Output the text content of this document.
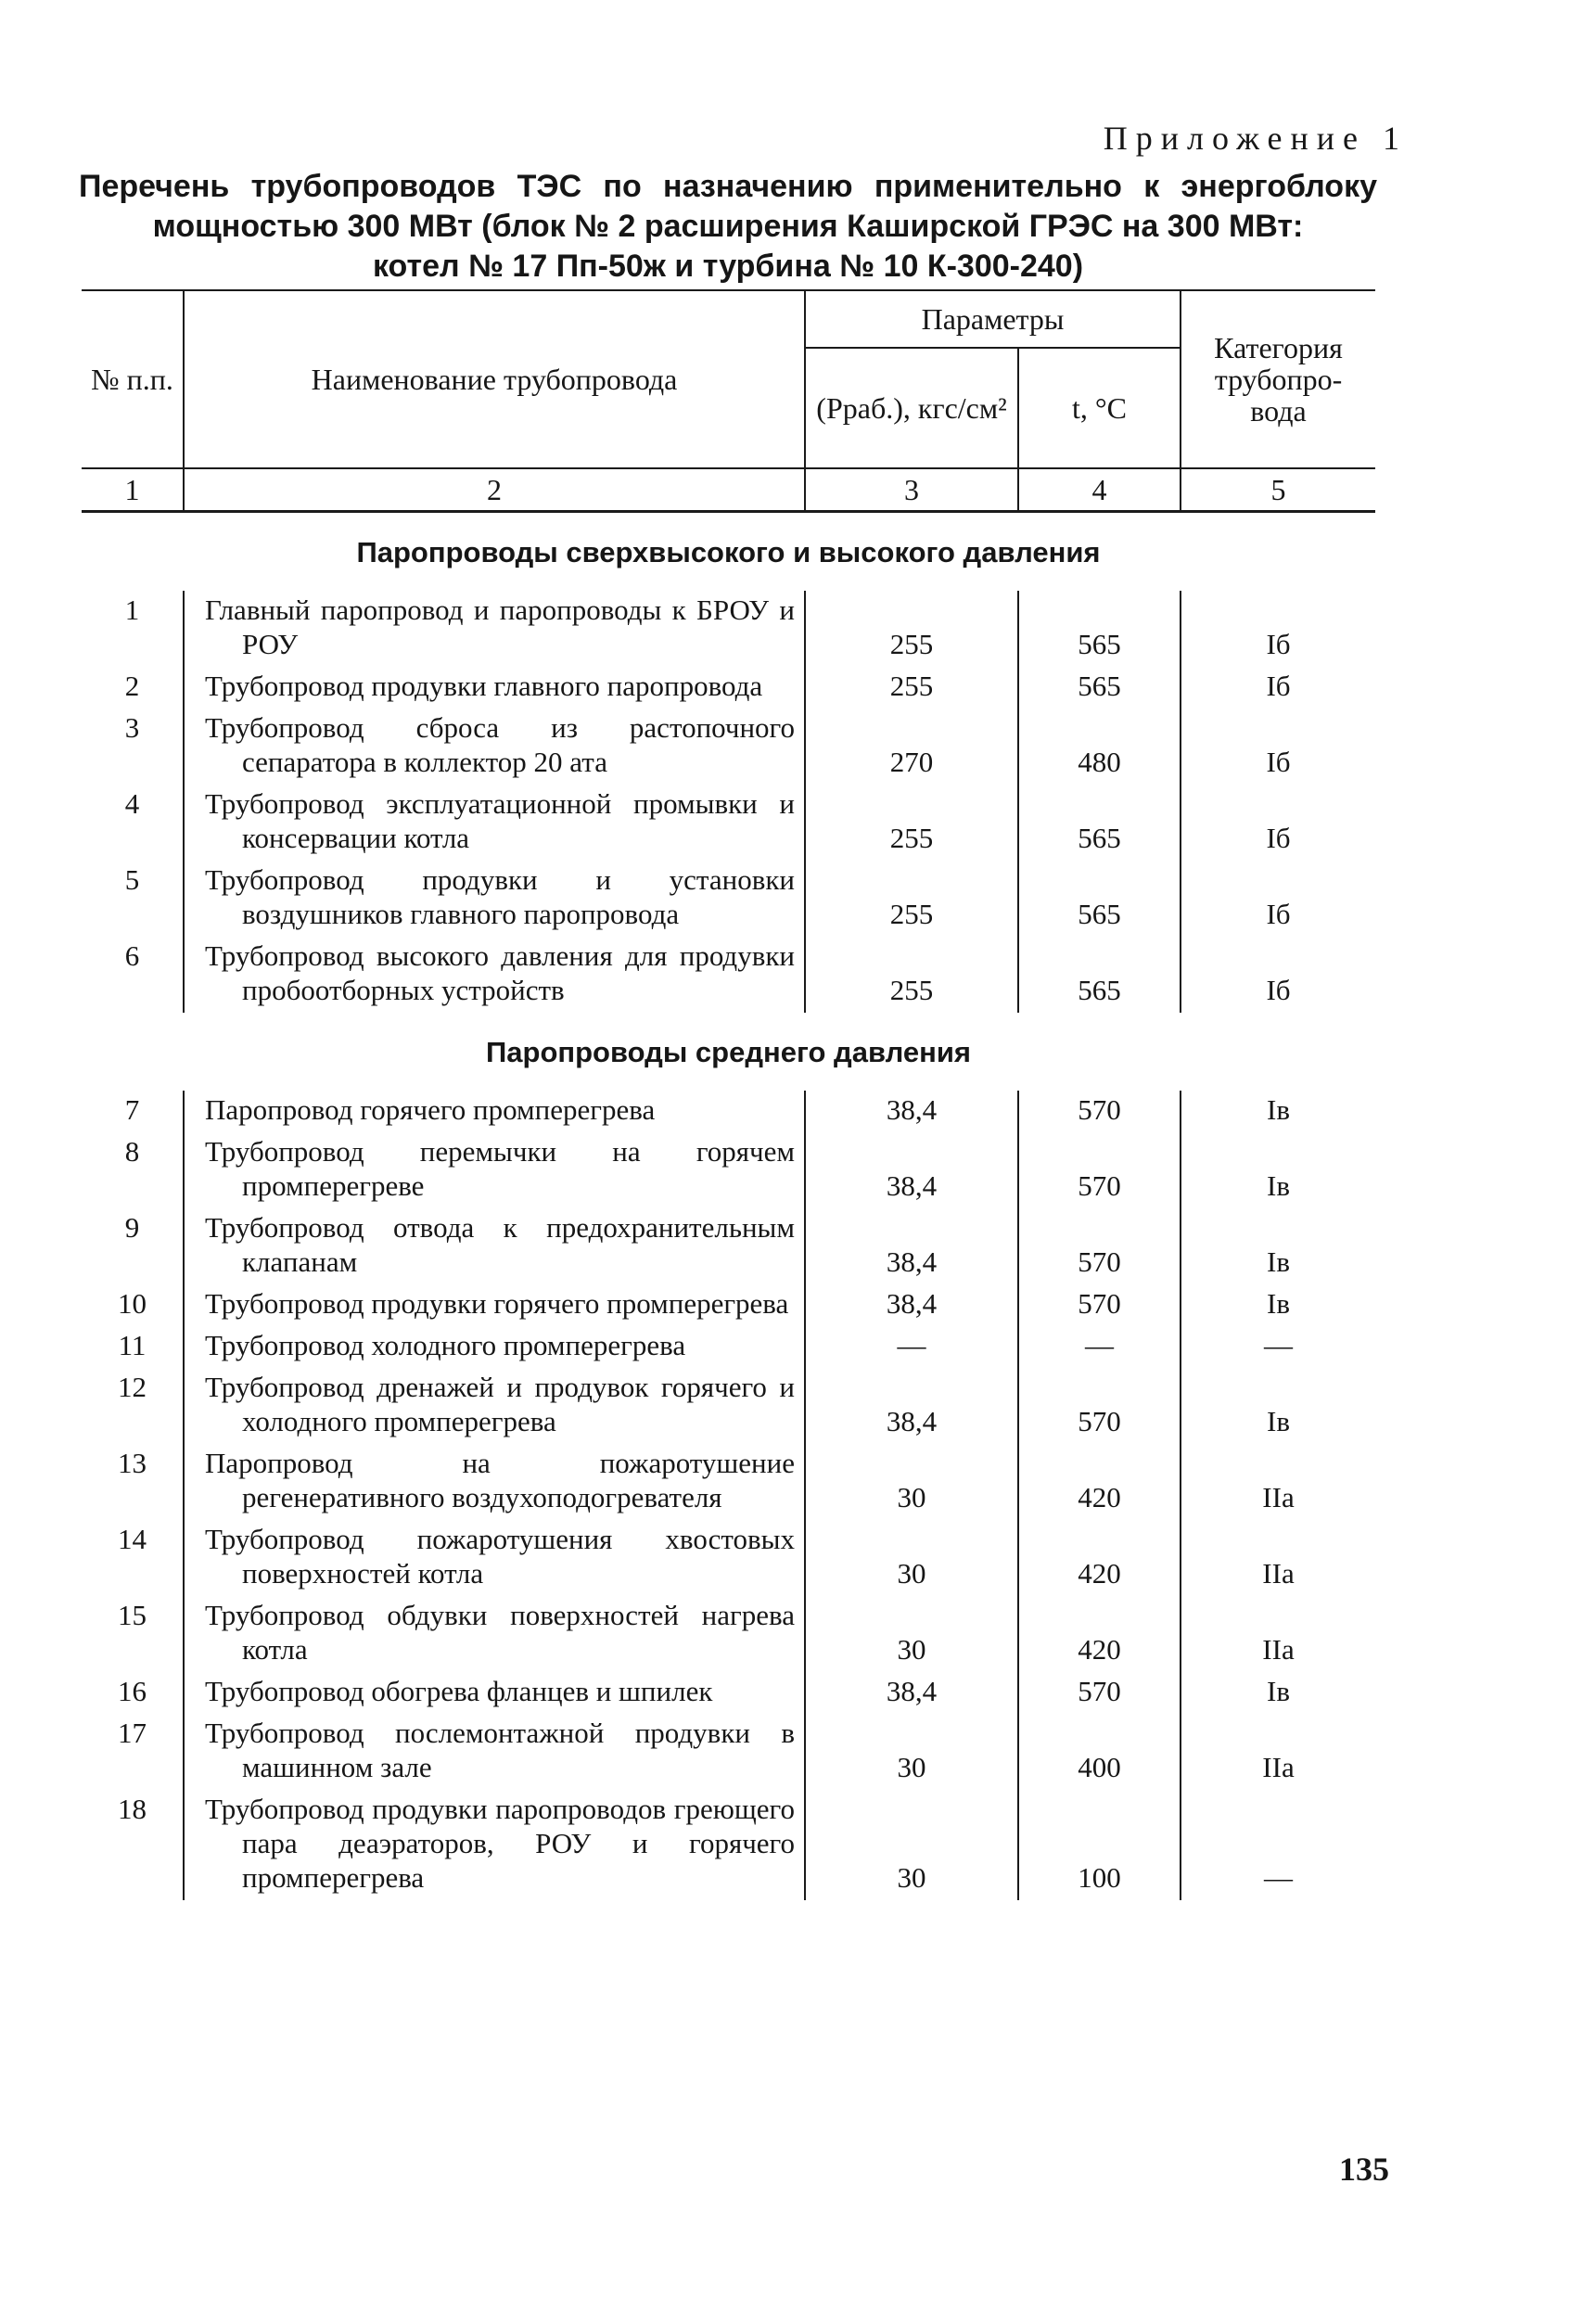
Приложение 1
Перечень трубопроводов ТЭС по назначению применительно к энергоблоку
мощностью 300 МВт (блок № 2 расширения Каширской ГРЭС на 300 МВт:
котел № 17 Пп-50ж и турбина № 10 К-300-240)
№ п.п.	Наименование трубопровода	Параметры		Категория трубопро-вода
		(Pраб.), кгс/см²	t, °C	
1	2	3	4	5
Паропроводы сверхвысокого и высокого давления				
1	Главный паропровод и паропроводы к БРОУ и РОУ	255	565	Iб
2	Трубопровод продувки главного паропровода	255	565	Iб
3	Трубопровод сброса из растопочного сепаратора в коллектор 20 ата	270	480	Iб
4	Трубопровод эксплуатационной промывки и консервации котла	255	565	Iб
5	Трубопровод продувки и установки воздушников главного паропровода	255	565	Iб
6	Трубопровод высокого давления для продувки пробоотборных устройств	255	565	Iб
Паропроводы среднего давления				
7	Паропровод горячего промперегрева	38,4	570	Iв
8	Трубопровод перемычки на горячем промперегреве	38,4	570	Iв
9	Трубопровод отвода к предохранительным клапанам	38,4	570	Iв
10	Трубопровод продувки горячего промперегрева	38,4	570	Iв
11	Трубопровод холодного промперегрева	—	—	—
12	Трубопровод дренажей и продувок горячего и холодного промперегрева	38,4	570	Iв
13	Паропровод на пожаротушение регенеративного воздухоподогревателя	30	420	IIа
14	Трубопровод пожаротушения хвостовых поверхностей котла	30	420	IIа
15	Трубопровод обдувки поверхностей нагрева котла	30	420	IIа
16	Трубопровод обогрева фланцев и шпилек	38,4	570	Iв
17	Трубопровод послемонтажной продувки в машинном зале	30	400	IIа
18	Трубопровод продувки паропроводов греющего пара деаэраторов, РОУ и горячего промперегрева	30	100	—
135
